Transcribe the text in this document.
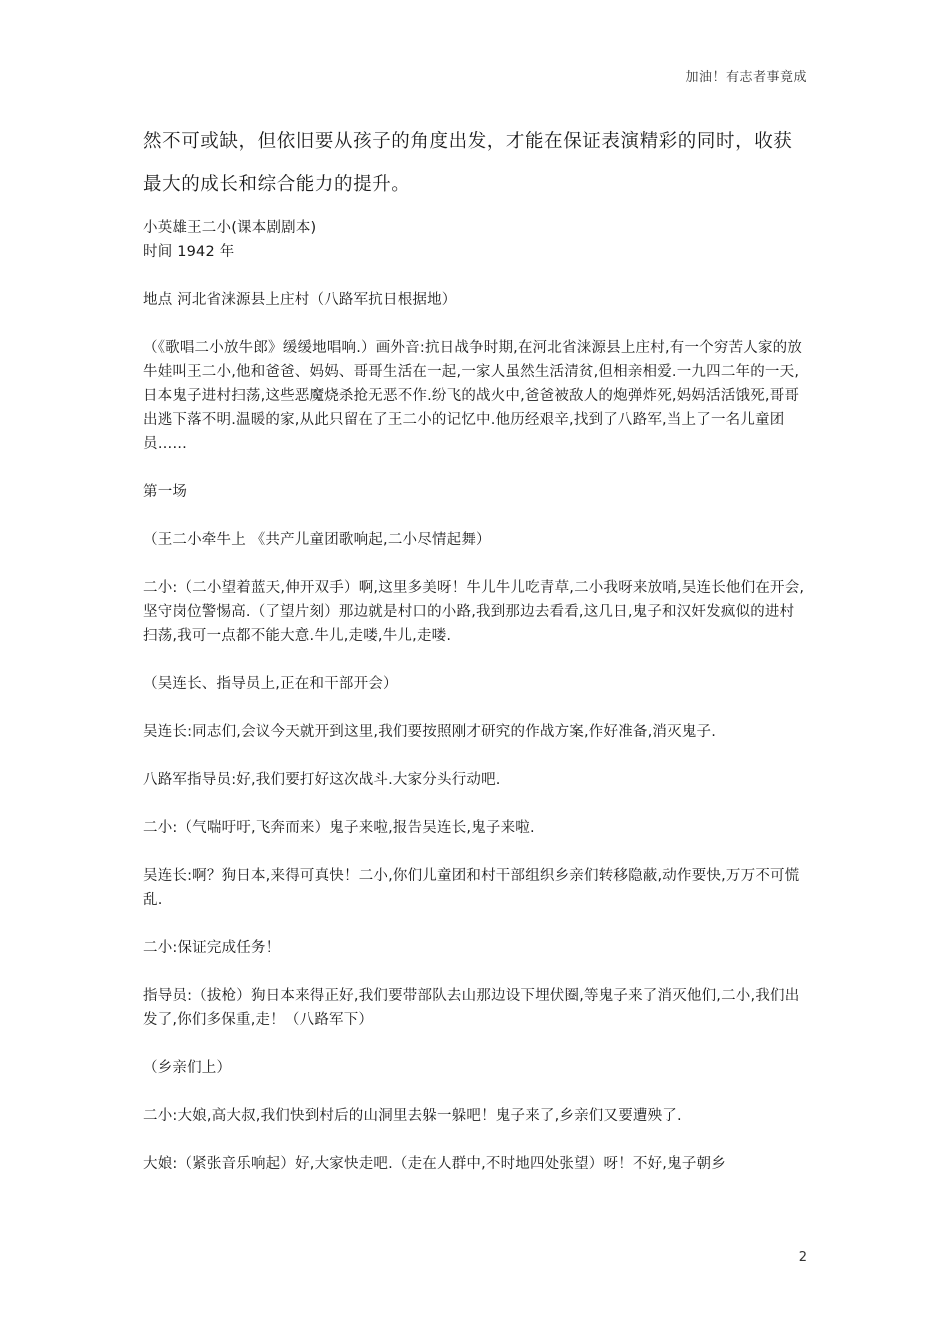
加油！有志者事竟成

然不可或缺，但依旧要从孩子的角度出发，才能在保证表演精彩的同时，收获最大的成长和综合能力的提升。

小英雄王二小(课本剧剧本)

时间 1942 年

地点 河北省涞源县上庄村（八路军抗日根据地）

（《歌唱二小放牛郎》缓缓地唱响.）画外音:抗日战争时期,在河北省涞源县上庄村,有一个穷苦人家的放牛娃叫王二小,他和爸爸、妈妈、哥哥生活在一起,一家人虽然生活清贫,但相亲相爱.一九四二年的一天,日本鬼子进村扫荡,这些恶魔烧杀抢无恶不作.纷飞的战火中,爸爸被敌人的炮弹炸死,妈妈活活饿死,哥哥出逃下落不明.温暖的家,从此只留在了王二小的记忆中.他历经艰辛,找到了八路军,当上了一名儿童团员……

第一场

（王二小牵牛上 《共产儿童团歌响起,二小尽情起舞）

二小:（二小望着蓝天,伸开双手）啊,这里多美呀！牛儿牛儿吃青草,二小我呀来放哨,吴连长他们在开会,坚守岗位警惕高.（了望片刻）那边就是村口的小路,我到那边去看看,这几日,鬼子和汉奸发疯似的进村扫荡,我可一点都不能大意.牛儿,走喽,牛儿,走喽.

（吴连长、指导员上,正在和干部开会）

吴连长:同志们,会议今天就开到这里,我们要按照刚才研究的作战方案,作好准备,消灭鬼子.

八路军指导员:好,我们要打好这次战斗.大家分头行动吧.

二小:（气喘吁吁,飞奔而来）鬼子来啦,报告吴连长,鬼子来啦.

吴连长:啊？狗日本,来得可真快！二小,你们儿童团和村干部组织乡亲们转移隐蔽,动作要快,万万不可慌乱.

二小:保证完成任务！

指导员:（拔枪）狗日本来得正好,我们要带部队去山那边设下埋伏圈,等鬼子来了消灭他们,二小,我们出发了,你们多保重,走！（八路军下）

（乡亲们上）

二小:大娘,高大叔,我们快到村后的山洞里去躲一躲吧！鬼子来了,乡亲们又要遭殃了.

大娘:（紧张音乐响起）好,大家快走吧.（走在人群中,不时地四处张望）呀！不好,鬼子朝乡

2
